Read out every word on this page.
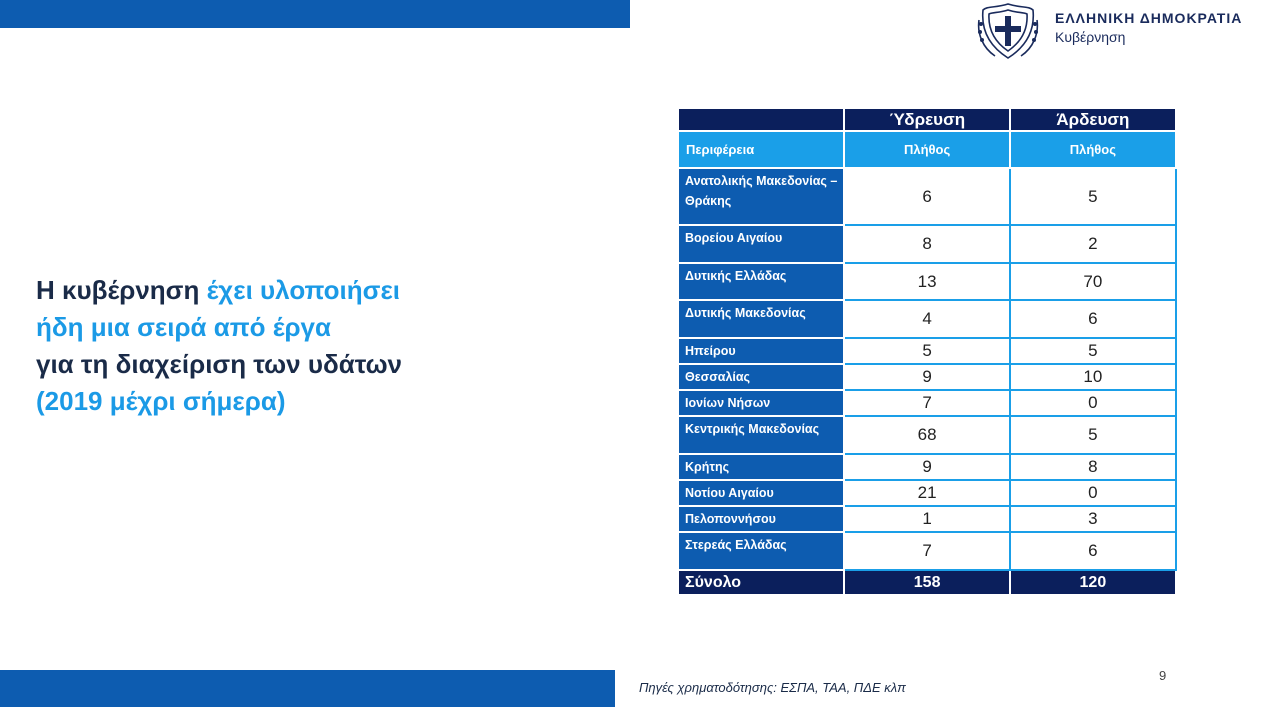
ΕΛΛΗΝΙΚΗ ΔΗΜΟΚΡΑΤΙΑ
Κυβέρνηση
Η κυβέρνηση έχει υλοποιήσει
ήδη μια σειρά από έργα
για τη διαχείριση των υδάτων
(2019 μέχρι σήμερα)
	Ύδρευση	Άρδευση
Περιφέρεια	Πλήθος	Πλήθος
Ανατολικής Μακεδονίας – Θράκης	6	5
Βορείου Αιγαίου	8	2
Δυτικής Ελλάδας	13	70
Δυτικής Μακεδονίας	4	6
Ηπείρου	5	5
Θεσσαλίας	9	10
Ιονίων Νήσων	7	0
Κεντρικής Μακεδονίας	68	5
Κρήτης	9	8
Νοτίου Αιγαίου	21	0
Πελοποννήσου	1	3
Στερεάς Ελλάδας	7	6
Σύνολο	158	120
Πηγές χρηματοδότησης: ΕΣΠΑ, ΤΑΑ, ΠΔΕ κλπ
9
